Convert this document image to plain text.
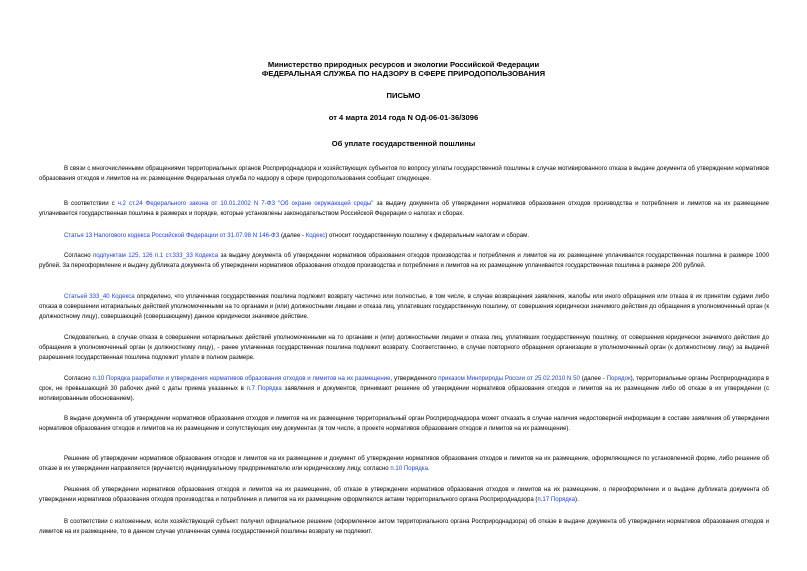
Министерство природных ресурсов и экологии Российской Федерации
ФЕДЕРАЛЬНАЯ СЛУЖБА ПО НАДЗОРУ В СФЕРЕ ПРИРОДОПОЛЬЗОВАНИЯ
ПИСЬМО
от 4 марта 2014 года N ОД-06-01-36/3096
Об уплате государственной пошлины

В связи с многочисленными обращениями территориальных органов Росприроднадзора и хозяйствующих субъектов по вопросу уплаты государственной пошлины в случае мотивированного отказа в выдаче документа об утверждении нормативов образования отходов и лимитов на их размещение Федеральная служба по надзору в сфере природопользования сообщает следующее.

В соответствии с ч.2 ст.24 Федерального закона от 10.01.2002 N 7-ФЗ "Об охране окружающей среды" за выдачу документа об утверждении нормативов образования отходов производства и потребления и лимитов на их размещение уплачивается государственная пошлина в размерах и порядке, которые установлены законодательством Российской Федерации о налогах и сборах.

Статья 13 Налогового кодекса Российской Федерации от 31.07.98 N 146-ФЗ (далее - Кодекс) относит государственную пошлину к федеральным налогам и сборам.

Согласно подпунктам 125, 126 п.1 ст.333_33 Кодекса за выдачу документа об утверждении нормативов образования отходов производства и потребления и лимитов на их размещение уплачивается государственная пошлина в размере 1000 рублей. За переоформление и выдачу дубликата документа об утверждении нормативов образования отходов производства и потребления и лимитов на их размещение уплачивается государственная пошлина в размере 200 рублей.

Статьей 333_40 Кодекса определено, что уплаченная государственная пошлина подлежит возврату частично или полностью, в том числе, в случае возвращения заявления, жалобы или иного обращения или отказа в их принятии судами либо отказа в совершении нотариальных действий уполномоченными на то органами и (или) должностными лицами и отказа лиц, уплативших государственную пошлину, от совершения юридически значимого действия до обращения в уполномоченный орган (к должностному лицу), совершающий (совершающему) данное юридически значимое действие.

Следовательно, в случае отказа в совершении нотариальных действий уполномоченными на то органами и (или) должностными лицами и отказа лиц, уплативших государственную пошлину, от совершения юридически значимого действия до обращения в уполномоченный орган (к должностному лицу), - ранее уплаченная государственная пошлина подлежит возврату. Соответственно, в случае повторного обращения организации в уполномоченный орган (к должностному лицу) за выдачей разрешения государственная пошлина подлежит уплате в полном размере.

Согласно п.10 Порядка разработки и утверждения нормативов образования отходов и лимитов на их размещение, утвержденного приказом Минприроды России от 25.02.2010 N 50 (далее - Порядок), территориальные органы Росприроднадзора в срок, не превышающий 30 рабочих дней с даты приема указанных в п.7 Порядка заявления и документов, принимают решение об утверждении нормативов образования отходов и лимитов на их размещение либо об отказе в их утверждении (с мотивированным обоснованием).

В выдаче документа об утверждении нормативов образования отходов и лимитов на их размещение территориальный орган Росприроднадзора может отказать в случае наличия недостоверной информации в составе заявления об утверждении нормативов образования отходов и лимитов на их размещение и сопутствующих ему документах (в том числе, в проекте нормативов образования отходов и лимитов на их размещение).

Решение об утверждении нормативов образования отходов и лимитов на их размещение и документ об утверждении нормативов образования отходов и лимитов на их размещение, оформляющиеся по установленной форме, либо решение об отказе в их утверждении направляется (вручается) индивидуальному предпринимателю или юридическому лицу, согласно п.10 Порядка.

Решения об утверждении нормативов образования отходов и лимитов на их размещение, об отказе в утверждении нормативов образования отходов и лимитов на их размещение, о переоформлении и о выдаче дубликата документа об утверждении нормативов образования отходов производства и потребления и лимитов на их размещение оформляются актами территориального органа Росприроднадзора (п.17 Порядка).

В соответствии с изложенным, если хозяйствующий субъект получил официальное решение (оформленное актом территориального органа Росприроднадзора) об отказе в выдаче документа об утверждении нормативов образования отходов и лимитов на их размещение, то в данном случае уплаченная сумма государственной пошлины возврату не подлежит.
